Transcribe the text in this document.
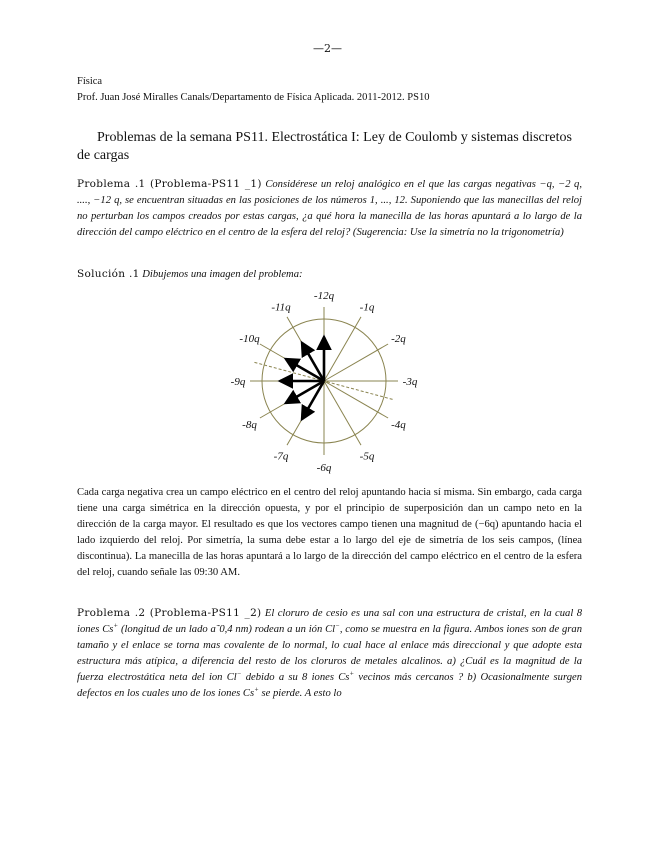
—2—
Física
Prof. Juan José Miralles Canals/Departamento de Física Aplicada. 2011-2012. PS10
Problemas de la semana PS11. Electrostática I: Ley de Coulomb y sistemas discretos de cargas
Problema .1 (Problema-PS11 _1) Considérese un reloj analógico en el que las cargas negativas −q, −2 q, ...., −12 q, se encuentran situadas en las posiciones de los números 1, ..., 12. Suponiendo que las manecillas del reloj no perturban los campos creados por estas cargas, ¿a qué hora la manecilla de las horas apuntará a lo largo de la dirección del campo eléctrico en el centro de la esfera del reloj? (Sugerencia: Use la simetría no la trigonometría)
Solución .1 Dibujemos una imagen del problema:
-12q
-1q
-2q
-3q
-4q
-5q
-6q
-7q
-8q
-9q
-10q
-11q
Cada carga negativa crea un campo eléctrico en el centro del reloj apuntando hacia sí misma. Sin embargo, cada carga tiene una carga simétrica en la dirección opuesta, y por el principio de superposición dan un campo neto en la dirección de la carga mayor. El resultado es que los vectores campo tienen una magnitud de (−6q) apuntando hacia el lado izquierdo del reloj. Por simetría, la suma debe estar a lo largo del eje de simetría de los seis campos, (línea discontinua). La manecilla de las horas apuntará a lo largo de la dirección del campo eléctrico en el centro de la esfera del reloj, cuando señale las 09:30 AM.
Problema .2 (Problema-PS11 _2) El cloruro de cesio es una sal con una estructura de cristal, en la cual 8 iones Cs+ (longitud de un lado a˜0,4 nm) rodean a un ión Cl−, como se muestra en la figura. Ambos iones son de gran tamaño y el enlace se torna mas covalente de lo normal, lo cual hace al enlace más direccional y que adopte esta estructura más atípica, a diferencia del resto de los cloruros de metales alcalinos. a) ¿Cuál es la magnitud de la fuerza electrostática neta del ion Cl− debido a su 8 iones Cs+ vecinos más cercanos ? b) Ocasionalmente surgen defectos en los cuales uno de los iones Cs+ se pierde. A esto lo
